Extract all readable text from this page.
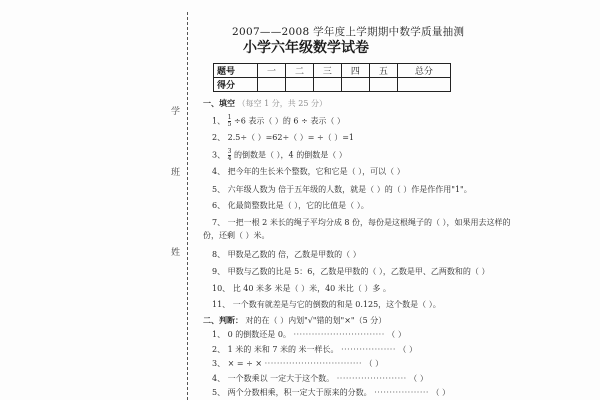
学
班
姓
2007——2008 学年度上学期期中数学质量抽测
小学六年级数学试卷
题号	一	二	三	四	五	总分
得分						
一、填空 （每空 1 分，共 25 分）
1、 $\frac{1}{5} \div 6$ 表示（ ）的 6 ÷ 表示（ ）
2、 2.5÷（ ）=62÷（ ）= ÷（ ）=1
3、 $\frac{3}{4}$ 的倒数是（ ），4 的倒数是（ ）
4、 把今年的生长米个整数，它和它是（ ），可以（ ）
5、 六年级人数为 倍于五年级的人数，就是（ ）的（ ）作是作作用"1"。
6、 化最简整数比是（ ），它的比值是（ ）。
7、 一把一根 2 米长的绳子平均分成 8 份，每份是这根绳子的（ ），如果用去这样的
份，还剩（ ）米。
8、 甲数是乙数的 倍，乙数是甲数的（ ）
9、 甲数与乙数的比是 5：6，乙数是甲数的（ ），乙数是甲、乙两数和的（ ）
10、 比 40 米多 米是（ ）米，40 米比（ ）多 。
11、 一个数有就差是与它的倒数的和是 0.125，这个数是（ ）。
二、判断： 对的在（ ）内划"√"错的划"×"（5 分）
1、 0 的倒数还是 0。 ······························ （ ）
2、 1 米的 米和 7 米的 米一样长。 ·················· （ ）
3、 × = ÷ × ································ （ ）
4、 一个数乘以 一定大于这个数。 ······················· （ ）
5、 两个分数相乘，积一定大于原来的分数。 ·················· （ ）
